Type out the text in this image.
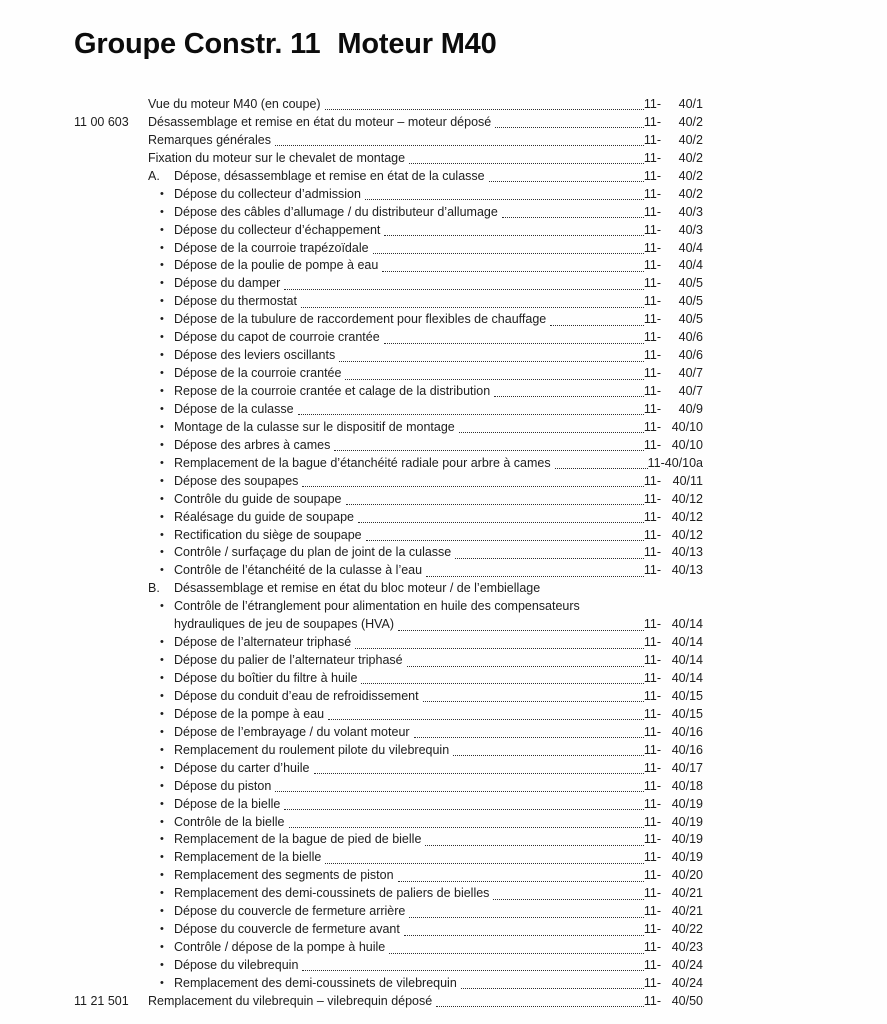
Groupe Constr. 11 Moteur M40
Vue du moteur M40 (en coupe)	11-	40/1
11 00 603	Désassemblage et remise en état du moteur – moteur déposé	11-	40/2
Remarques générales	11-	40/2
Fixation du moteur sur le chevalet de montage	11-	40/2
A.	Dépose, désassemblage et remise en état de la culasse	11-	40/2
• Dépose du collecteur d’admission	11-	40/2
• Dépose des câbles d’allumage / du distributeur d’allumage	11-	40/3
• Dépose du collecteur d’échappement	11-	40/3
• Dépose de la courroie trapézoïdale	11-	40/4
• Dépose de la poulie de pompe à eau	11-	40/4
• Dépose du damper	11-	40/5
• Dépose du thermostat	11-	40/5
• Dépose de la tubulure de raccordement pour flexibles de chauffage	11-	40/5
• Dépose du capot de courroie crantée	11-	40/6
• Dépose des leviers oscillants	11-	40/6
• Dépose de la courroie crantée	11-	40/7
• Repose de la courroie crantée et calage de la distribution	11-	40/7
• Dépose de la culasse	11-	40/9
• Montage de la culasse sur le dispositif de montage	11- 40/10
• Dépose des arbres à cames	11- 40/10
• Remplacement de la bague d’étanchéité radiale pour arbre à cames	11- 40/10a
• Dépose des soupapes	11- 40/11
• Contrôle du guide de soupape	11- 40/12
• Réalésage du guide de soupape	11- 40/12
• Rectification du siège de soupape	11- 40/12
• Contrôle / surfaçage du plan de joint de la culasse	11- 40/13
• Contrôle de l’étanchéité de la culasse à l’eau	11- 40/13
B.	Désassemblage et remise en état du bloc moteur / de l’embiellage
• Contrôle de l’étranglement pour alimentation en huile des compensateurs
hydrauliques de jeu de soupapes (HVA)	11- 40/14
• Dépose de l’alternateur triphasé	11- 40/14
• Dépose du palier de l’alternateur triphasé	11- 40/14
• Dépose du boîtier du filtre à huile	11- 40/14
• Dépose du conduit d’eau de refroidissement	11- 40/15
• Dépose de la pompe à eau	11- 40/15
• Dépose de l’embrayage / du volant moteur	11- 40/16
• Remplacement du roulement pilote du vilebrequin	11- 40/16
• Dépose du carter d’huile	11- 40/17
• Dépose du piston	11- 40/18
• Dépose de la bielle	11- 40/19
• Contrôle de la bielle	11- 40/19
• Remplacement de la bague de pied de bielle	11- 40/19
• Remplacement de la bielle	11- 40/19
• Remplacement des segments de piston	11- 40/20
• Remplacement des demi-coussinets de paliers de bielles	11- 40/21
• Dépose du couvercle de fermeture arrière	11- 40/21
• Dépose du couvercle de fermeture avant	11- 40/22
• Contrôle / dépose de la pompe à huile	11- 40/23
• Dépose du vilebrequin	11- 40/24
• Remplacement des demi-coussinets de vilebrequin	11- 40/24
11 21 501	Remplacement du vilebrequin – vilebrequin déposé	11- 40/50
